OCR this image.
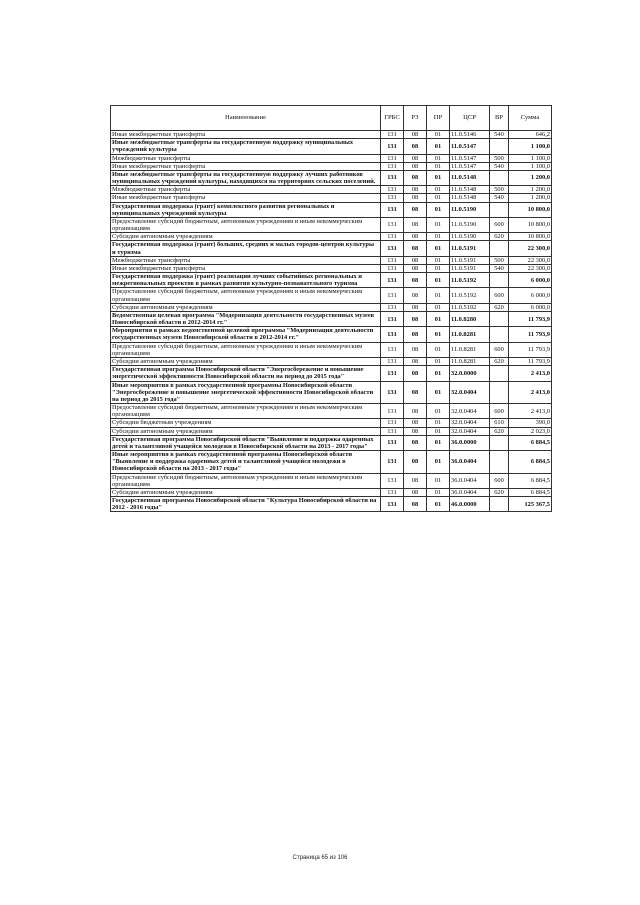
Наименование	ГРБС	РЗ	ПР	ЦСР	ВР	Сумма
Иные межбюджетные трансферты	131	08	01	11.0.5146	540	646,2
Иные межбюджетные трансферты на государственную поддержку муниципальных учреждений культуры	131	08	01	11.0.5147		1 100,0
Межбюджетные трансферты	131	08	01	11.0.5147	500	1 100,0
Иные межбюджетные трансферты	131	08	01	11.0.5147	540	1 100,0
Иные межбюджетные трансферты на государственную поддержку лучших работников муниципальных учреждений культуры, находящихся на территориях сельских поселений.	131	08	01	11.0.5148		1 200,0
Межбюджетные трансферты	131	08	01	11.0.5148	500	1 200,0
Иные межбюджетные трансферты	131	08	01	11.0.5148	540	1 200,0
Государственная поддержка (грант) комплексного развития региональных и муниципальных учреждений культуры	131	08	01	11.0.5190		10 800,0
Предоставление субсидий бюджетным, автономным учреждениям и иным некоммерческим организациям	131	08	01	11.0.5190	600	10 800,0
Субсидии автономным учреждениям	131	08	01	11.0.5190	620	10 800,0
Государственная поддержка (грант) больших, средних и малых городов-центров культуры и туризма	131	08	01	11.0.5191		22 300,0
Межбюджетные трансферты	131	08	01	11.0.5191	500	22 300,0
Иные межбюджетные трансферты	131	08	01	11.0.5191	540	22 300,0
Государственная поддержка (грант) реализации лучших событийных региональных и межрегиональных проектов в рамках развития культурно-познавательного туризма	131	08	01	11.0.5192		6 000,0
Предоставление субсидий бюджетным, автономным учреждениям и иным некоммерческим организациям	131	08	01	11.0.5192	600	6 000,0
Субсидии автономным учреждениям	131	08	01	11.0.5192	620	6 000,0
Ведомственная целевая программа "Модернизация деятельности государственных музеев Новосибирской области в 2012-2014 гг."	131	08	01	11.0.8280		11 793,9
Мероприятия в рамках ведомственной целевой программы "Модернизация деятельности государственных музеев Новосибирской области в 2012-2014 гг."	131	08	01	11.0.8281		11 793,9
Предоставление субсидий бюджетным, автономным учреждениям и иным некоммерческим организациям	131	08	01	11.0.8281	600	11 793,9
Субсидии автономным учреждениям	131	08	01	11.0.8281	620	11 793,9
Государственная программа Новосибирской области "Энергосбережение и повышение энергетической эффективности Новосибирской области на период до 2015 года"	131	08	01	32.0.0000		2 413,0
Иные мероприятия в рамках государственной программы Новосибирской области "Энергосбережение и повышение энергетической эффективности Новосибирской области на период до 2015 года"	131	08	01	32.0.0404		2 413,0
Предоставление субсидий бюджетным, автономным учреждениям и иным некоммерческим организациям	131	08	01	32.0.0404	600	2 413,0
Субсидии бюджетным учреждениям	131	08	01	32.0.0404	610	390,0
Субсидии автономным учреждениям	131	08	01	32.0.0404	620	2 023,0
Государственная программа Новосибирской области "Выявление и поддержка одаренных детей и талантливой учащейся молодежи в Новосибирской области на 2013 - 2017 годы"	131	08	01	36.0.0000		6 884,5
Иные мероприятия в рамках государственной программы Новосибирской области "Выявление и поддержка одаренных детей и талантливой учащейся молодежи в Новосибирской области на 2013 - 2017 годы"	131	08	01	36.0.0404		6 884,5
Предоставление субсидий бюджетным, автономным учреждениям и иным некоммерческим организациям	131	08	01	36.0.0404	600	6 884,5
Субсидии автономным учреждениям	131	08	01	36.0.0404	620	6 884,5
Государственная программа Новосибирской области "Культура Новосибирской области на 2012 - 2016 годы"	131	08	01	46.0.0000		125 367,5
Страница 65 из 106
